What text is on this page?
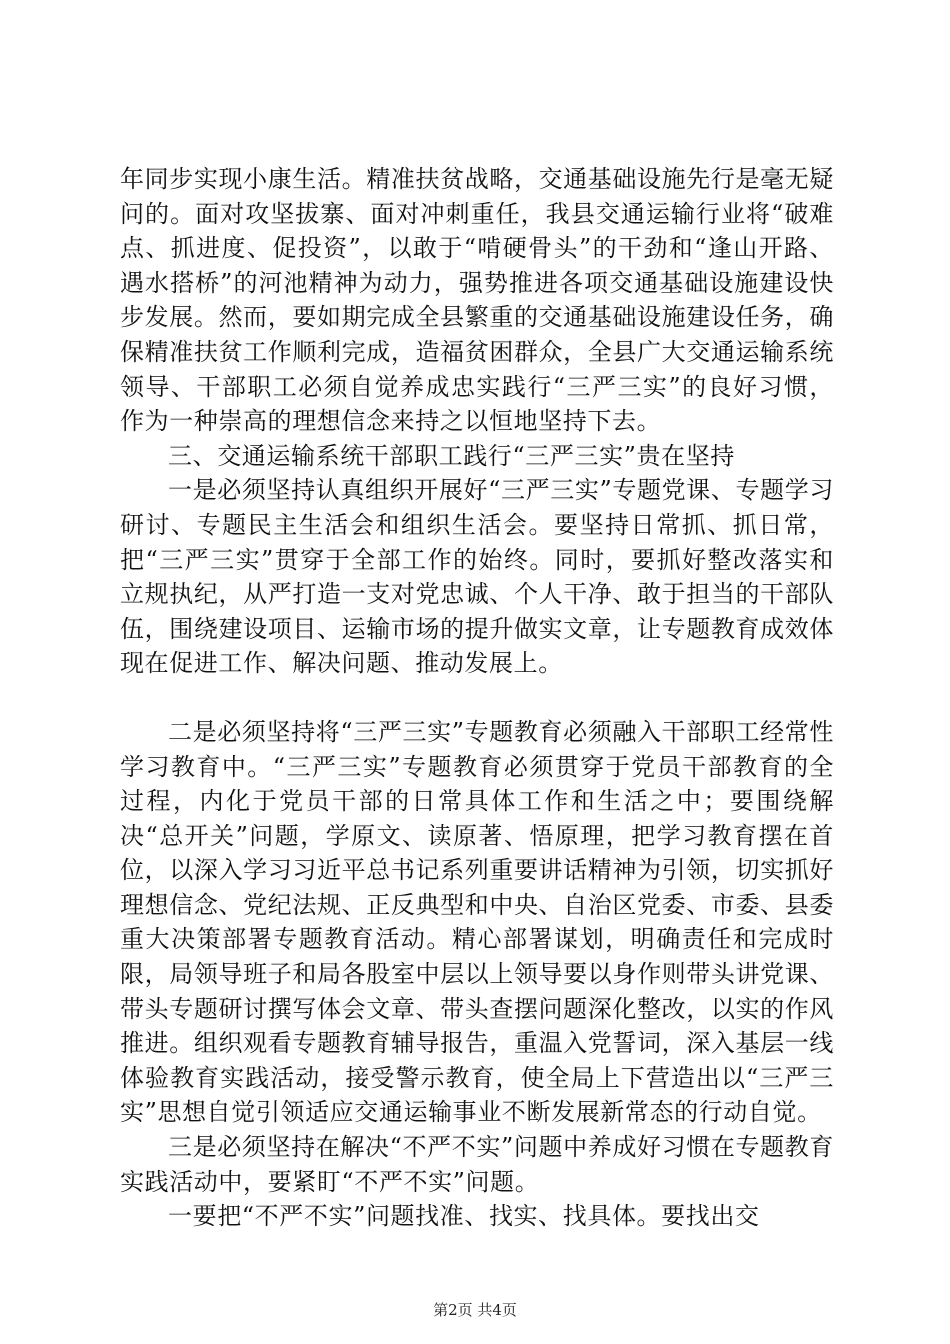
年同步实现小康生活。精准扶贫战略，交通基础设施先行是毫无疑问的。面对攻坚拔寨、面对冲刺重任，我县交通运输行业将“破难点、抓进度、促投资”，以敢于“啃硬骨头”的干劲和“逢山开路、遇水搭桥”的河池精神为动力，强势推进各项交通基础设施建设快步发展。然而，要如期完成全县繁重的交通基础设施建设任务，确保精准扶贫工作顺利完成，造福贫困群众，全县广大交通运输系统领导、干部职工必须自觉养成忠实践行“三严三实”的良好习惯，作为一种崇高的理想信念来持之以恒地坚持下去。

三、交通运输系统干部职工践行“三严三实”贵在坚持

一是必须坚持认真组织开展好“三严三实”专题党课、专题学习研讨、专题民主生活会和组织生活会。要坚持日常抓、抓日常，把“三严三实”贯穿于全部工作的始终。同时，要抓好整改落实和立规执纪，从严打造一支对党忠诚、个人干净、敢于担当的干部队伍，围绕建设项目、运输市场的提升做实文章，让专题教育成效体现在促进工作、解决问题、推动发展上。

二是必须坚持将“三严三实”专题教育必须融入干部职工经常性学习教育中。“三严三实”专题教育必须贯穿于党员干部教育的全过程，内化于党员干部的日常具体工作和生活之中；要围绕解决“总开关”问题，学原文、读原著、悟原理，把学习教育摆在首位，以深入学习习近平总书记系列重要讲话精神为引领，切实抓好理想信念、党纪法规、正反典型和中央、自治区党委、市委、县委重大决策部署专题教育活动。精心部署谋划，明确责任和完成时限，局领导班子和局各股室中层以上领导要以身作则带头讲党课、带头专题研讨撰写体会文章、带头查摆问题深化整改，以实的作风推进。组织观看专题教育辅导报告，重温入党誓词，深入基层一线体验教育实践活动，接受警示教育，使全局上下营造出以“三严三实”思想自觉引领适应交通运输事业不断发展新常态的行动自觉。

三是必须坚持在解决“不严不实”问题中养成好习惯在专题教育实践活动中，要紧盯“不严不实”问题。

一要把“不严不实”问题找准、找实、找具体。要找出交

第2页 共4页
